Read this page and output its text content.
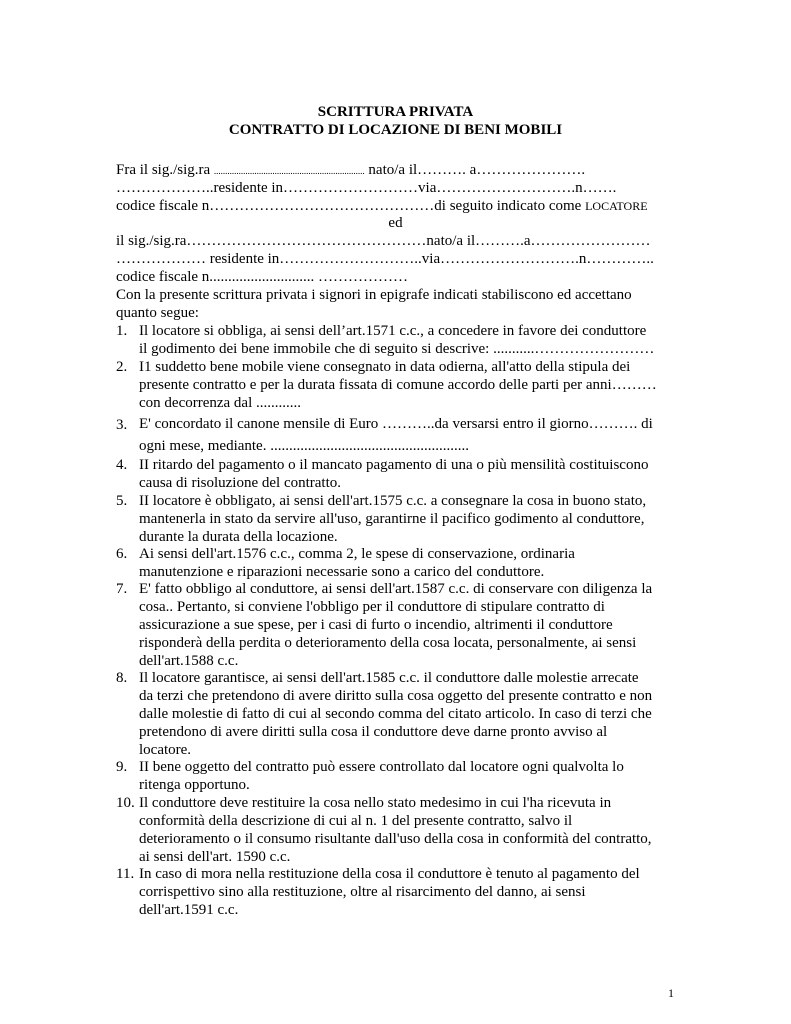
SCRITTURA PRIVATA
CONTRATTO DI LOCAZIONE DI BENI MOBILI
Fra il sig./sig.ra ................................................................... nato/a il………. a………………….
………………..residente in………………………via……………………….n…….
codice fiscale n………………………………………di seguito indicato come LOCATORE
ed
il sig./sig.ra…………………………………………nato/a il……….a……………………
……………… residente in………………………..via……………………….n…………..
codice fiscale n............................ ………………
Con la presente scrittura privata i signori in epigrafe indicati stabiliscono ed accettano
quanto segue:
1. Il locatore si obbliga, ai sensi dell’art.1571 c.c., a concedere in favore dei conduttore
il godimento dei bene immobile che di seguito si descrive: ...........……………………
2. I1 suddetto bene mobile viene consegnato in data odierna, all'atto della stipula dei
presente contratto e per la durata fissata di comune accordo delle parti per anni………
con decorrenza dal ............
3. E' concordato il canone mensile di Euro ………..da versarsi entro il giorno………. di
ogni mese, mediante. .....................................................
4. II ritardo del pagamento o il mancato pagamento di una o più mensilità costituiscono
causa di risoluzione del contratto.
5. II locatore è obbligato, ai sensi dell'art.1575 c.c. a consegnare la cosa in buono stato,
mantenerla in stato da servire all'uso, garantirne il pacifico godimento al conduttore,
durante la durata della locazione.
6. Ai sensi dell'art.1576 c.c., comma 2, le spese di conservazione, ordinaria
manutenzione e riparazioni necessarie sono a carico del conduttore.
7. E' fatto obbligo al conduttore, ai sensi dell'art.1587 c.c. di conservare con diligenza la
cosa.. Pertanto, si conviene l'obbligo per il conduttore di stipulare contratto di
assicurazione a sue spese, per i casi di furto o incendio, altrimenti il conduttore
risponderà della perdita o deterioramento della cosa locata, personalmente, ai sensi
dell'art.1588 c.c.
8. Il locatore garantisce, ai sensi dell'art.1585 c.c. il conduttore dalle molestie arrecate
da terzi che pretendono di avere diritto sulla cosa oggetto del presente contratto e non
dalle molestie di fatto di cui al secondo comma del citato articolo. In caso di terzi che
pretendono di avere diritti sulla cosa il conduttore deve darne pronto avviso al
locatore.
9. II bene oggetto del contratto può essere controllato dal locatore ogni qualvolta lo
ritenga opportuno.
10. Il conduttore deve restituire la cosa nello stato medesimo in cui l'ha ricevuta in
conformità della descrizione di cui al n. 1 del presente contratto, salvo il
deterioramento o il consumo risultante dall'uso della cosa in conformità del contratto,
ai sensi dell'art. 1590 c.c.
11. In caso di mora nella restituzione della cosa il conduttore è tenuto al pagamento del
corrispettivo sino alla restituzione, oltre al risarcimento del danno, ai sensi
dell'art.1591 c.c.
1
